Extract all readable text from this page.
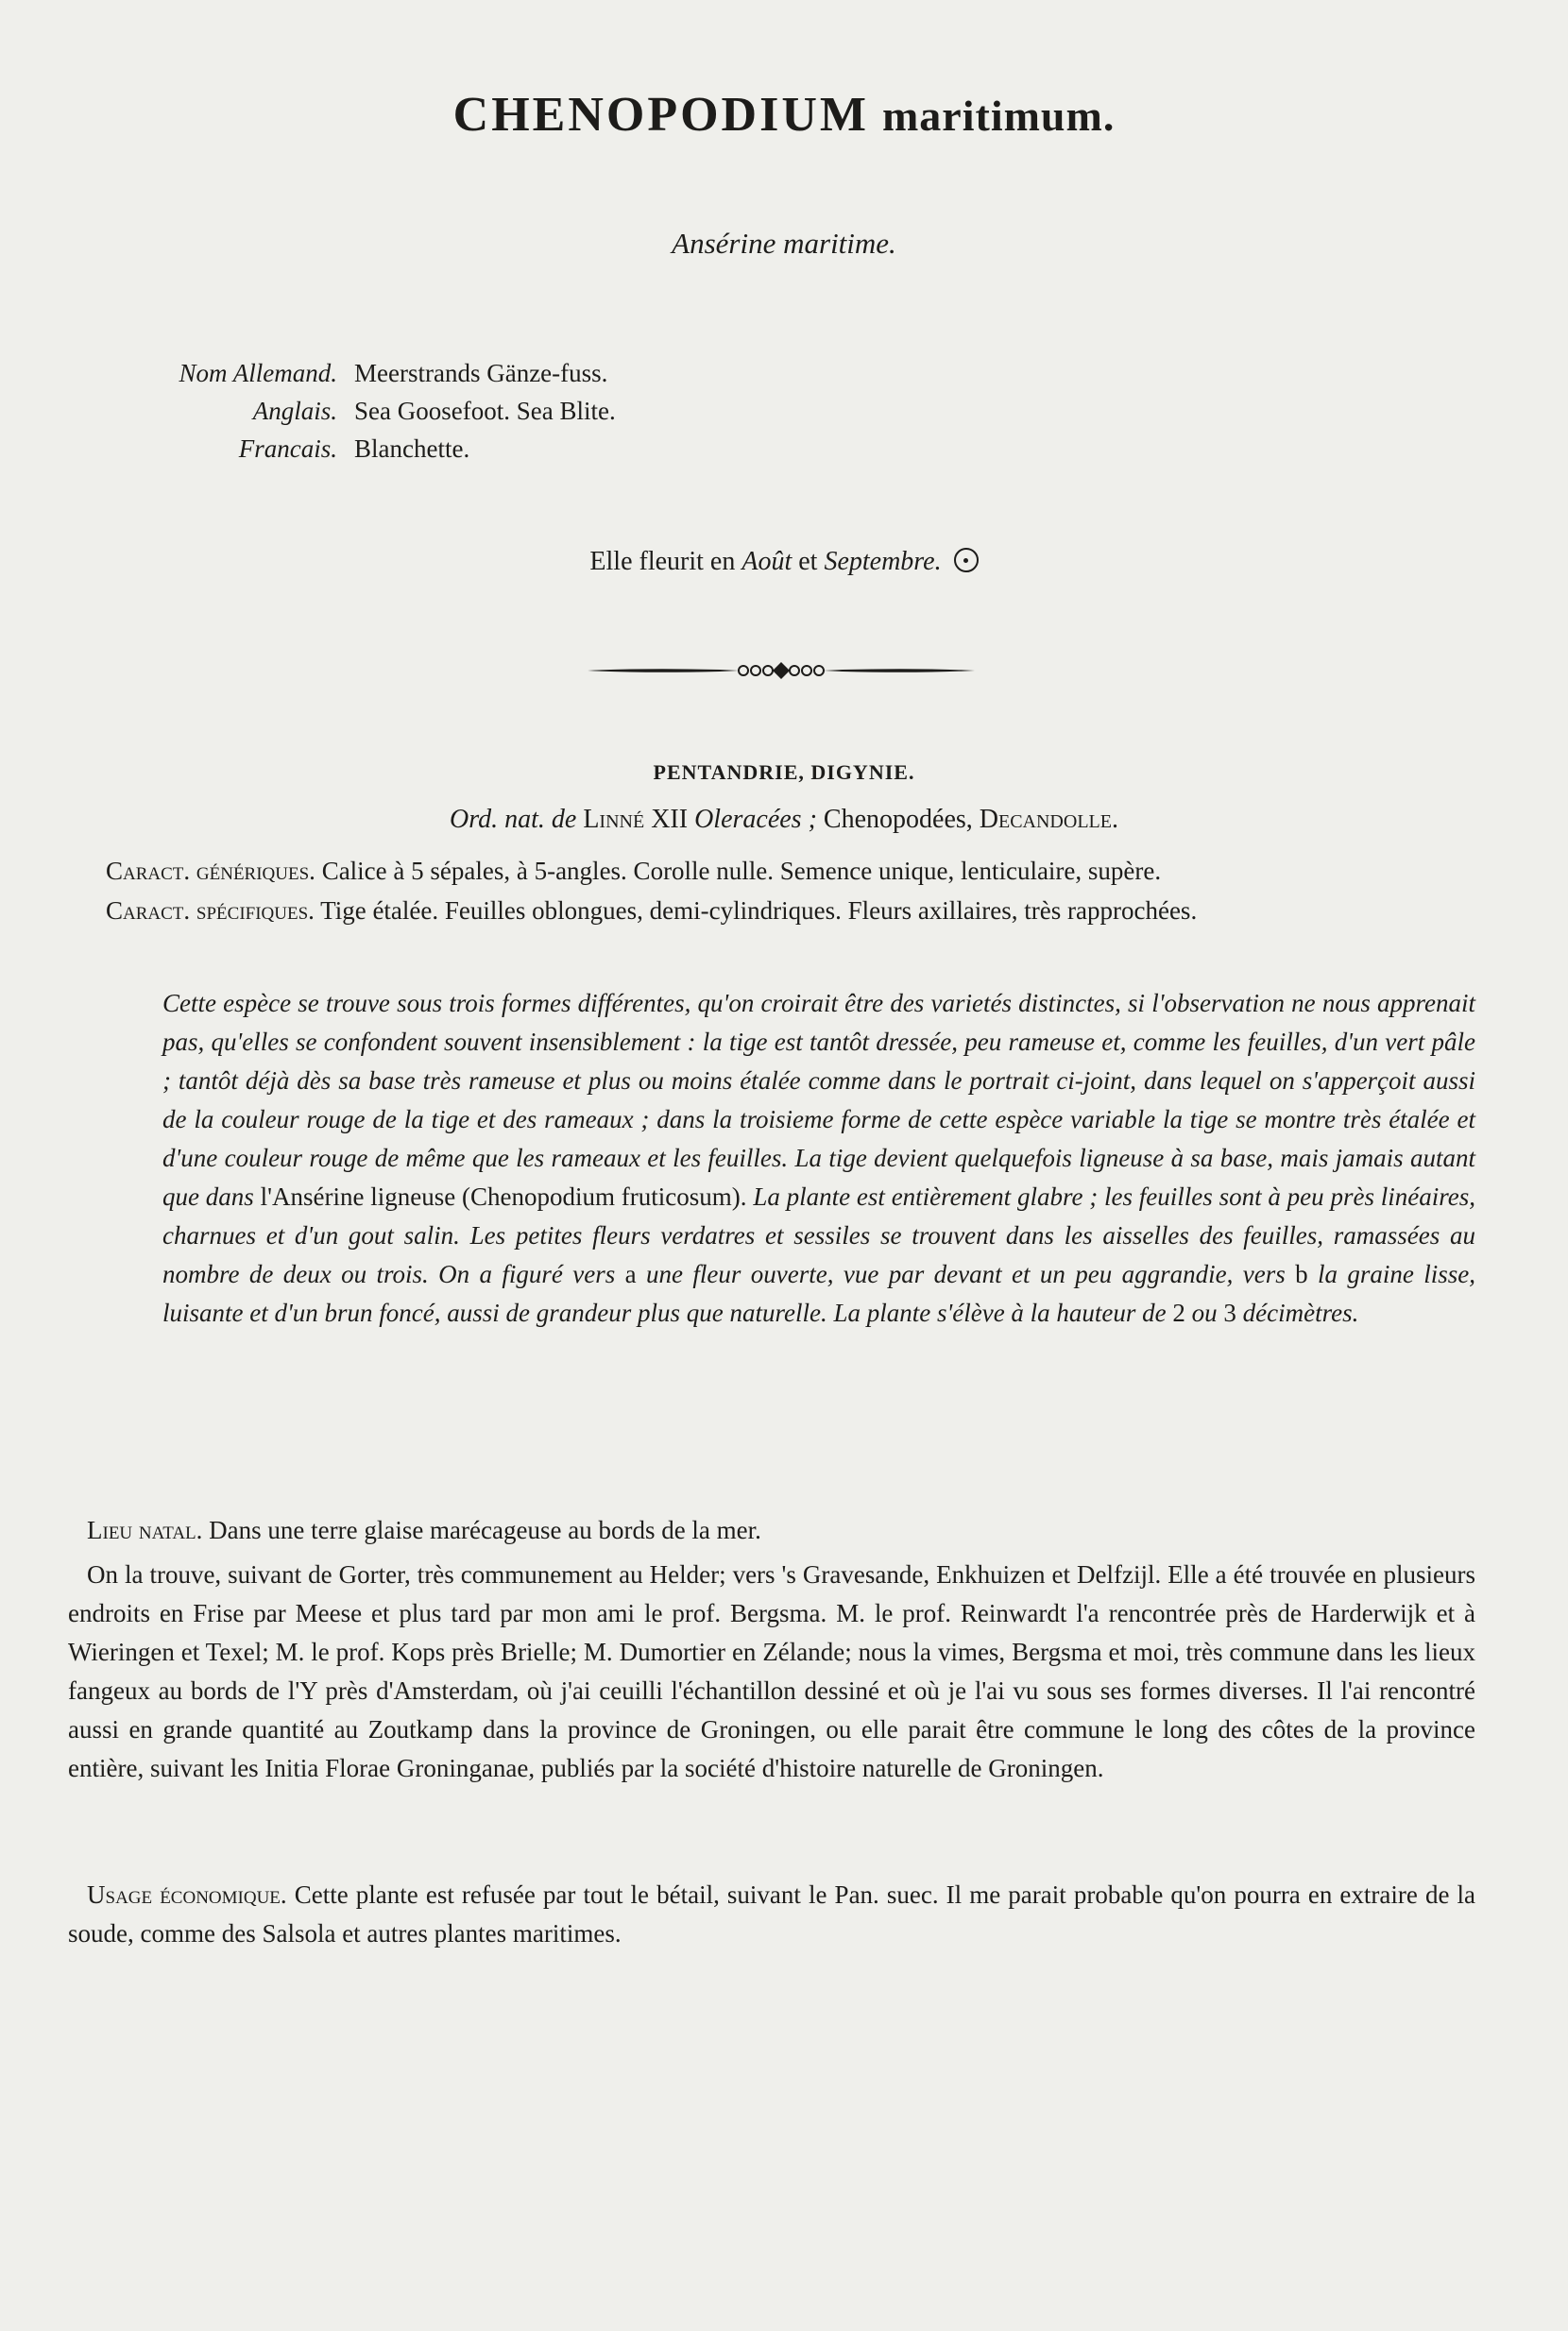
CHENOPODIUM maritimum.
Ansérine maritime.
Nom Allemand. Meerstrands Gänze-fuss.
Anglais. Sea Goosefoot. Sea Blite.
Francais. Blanchette.
Elle fleurit en Août et Septembre.
PENTANDRIE, DIGYNIE.
Ord. nat. de Linné XII Oleracées ; Chenopodées, Decandolle.

Caract. génériques. Calice à 5 sépales, à 5-angles. Corolle nulle. Semence unique, lenticulaire, supère.

Caract. spécifiques. Tige étalée. Feuilles oblongues, demi-cylindriques. Fleurs axillaires, très rapprochées.

Cette espèce se trouve sous trois formes différentes, qu'on croirait être des varietés distinctes, si l'observation ne nous apprenait pas, qu'elles se confondent souvent insensiblement : la tige est tantôt dressée, peu rameuse et, comme les feuilles, d'un vert pâle ; tantôt déjà dès sa base très rameuse et plus ou moins étalée comme dans le portrait ci-joint, dans lequel on s'apperçoit aussi de la couleur rouge de la tige et des rameaux ; dans la troisieme forme de cette espèce variable la tige se montre très étalée et d'une couleur rouge de même que les rameaux et les feuilles. La tige devient quelquefois ligneuse à sa base, mais jamais autant que dans l'Ansérine ligneuse (Chenopodium fruticosum). La plante est entièrement glabre ; les feuilles sont à peu près linéaires, charnues et d'un gout salin. Les petites fleurs verdatres et sessiles se trouvent dans les aisselles des feuilles, ramassées au nombre de deux ou trois. On a figuré vers a une fleur ouverte, vue par devant et un peu aggrandie, vers b la graine lisse, luisante et d'un brun foncé, aussi de grandeur plus que naturelle. La plante s'élève à la hauteur de 2 ou 3 décimètres.

Lieu natal. Dans une terre glaise marécageuse au bords de la mer.

On la trouve, suivant de Gorter, très communement au Helder; vers 's Gravesande, Enkhuizen et Delfzijl. Elle a été trouvée en plusieurs endroits en Frise par Meese et plus tard par mon ami le prof. Bergsma. M. le prof. Reinwardt l'a rencontrée près de Harderwijk et à Wieringen et Texel; M. le prof. Kops près Brielle; M. Dumortier en Zélande; nous la vimes, Bergsma et moi, très commune dans les lieux fangeux au bords de l'Y près d'Amsterdam, où j'ai ceuilli l'échantillon dessiné et où je l'ai vu sous ses formes diverses. Il l'ai rencontré aussi en grande quantité au Zoutkamp dans la province de Groningen, ou elle parait être commune le long des côtes de la province entière, suivant les Initia Florae Groninganae, publiés par la société d'histoire naturelle de Groningen.

Usage économique. Cette plante est refusée par tout le bétail, suivant le Pan. suec. Il me parait probable qu'on pourra en extraire de la soude, comme des Salsola et autres plantes maritimes.
